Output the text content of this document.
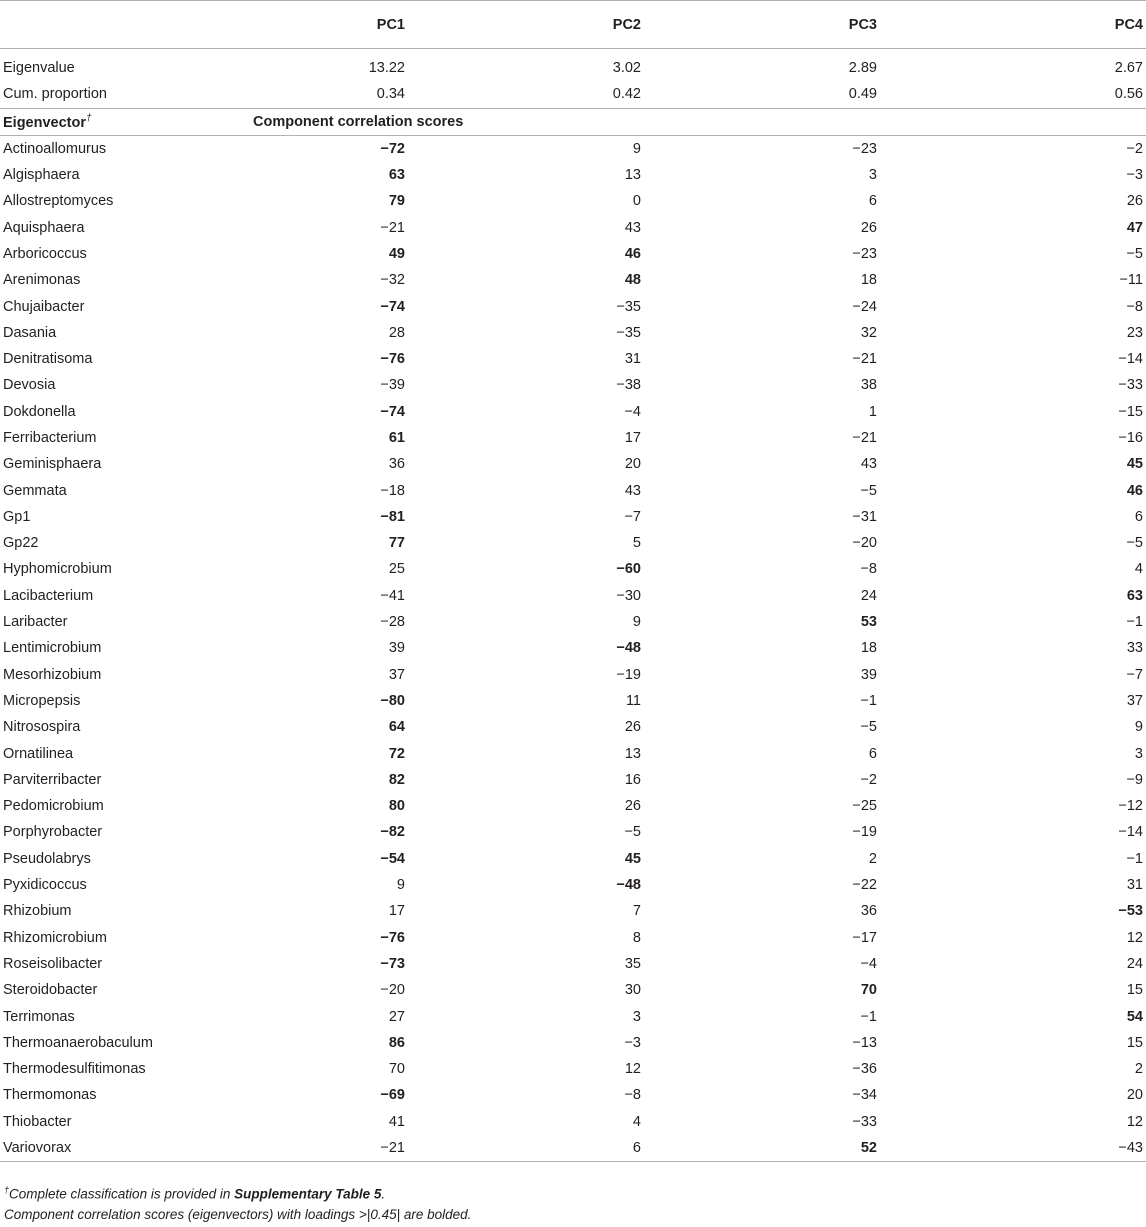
	PC1	PC2	PC3	PC4
Eigenvalue	13.22	3.02	2.89	2.67
Cum. proportion	0.34	0.42	0.49	0.56
Eigenvector†	Component correlation scores			
Actinoallomurus	−72	9	−23	−2
Algisphaera	63	13	3	−3
Allostreptomyces	79	0	6	26
Aquisphaera	−21	43	26	47
Arboricoccus	49	46	−23	−5
Arenimonas	−32	48	18	−11
Chujaibacter	−74	−35	−24	−8
Dasania	28	−35	32	23
Denitratisoma	−76	31	−21	−14
Devosia	−39	−38	38	−33
Dokdonella	−74	−4	1	−15
Ferribacterium	61	17	−21	−16
Geminisphaera	36	20	43	45
Gemmata	−18	43	−5	46
Gp1	−81	−7	−31	6
Gp22	77	5	−20	−5
Hyphomicrobium	25	−60	−8	4
Lacibacterium	−41	−30	24	63
Laribacter	−28	9	53	−1
Lentimicrobium	39	−48	18	33
Mesorhizobium	37	−19	39	−7
Micropepsis	−80	11	−1	37
Nitrosospira	64	26	−5	9
Ornatilinea	72	13	6	3
Parviterribacter	82	16	−2	−9
Pedomicrobium	80	26	−25	−12
Porphyrobacter	−82	−5	−19	−14
Pseudolabrys	−54	45	2	−1
Pyxidicoccus	9	−48	−22	31
Rhizobium	17	7	36	−53
Rhizomicrobium	−76	8	−17	12
Roseisolibacter	−73	35	−4	24
Steroidobacter	−20	30	70	15
Terrimonas	27	3	−1	54
Thermoanaerobaculum	86	−3	−13	15
Thermodesulfitimonas	70	12	−36	2
Thermomonas	−69	−8	−34	20
Thiobacter	41	4	−33	12
Variovorax	−21	6	52	−43
†Complete classification is provided in Supplementary Table 5.
Component correlation scores (eigenvectors) with loadings >|0.45| are bolded.
